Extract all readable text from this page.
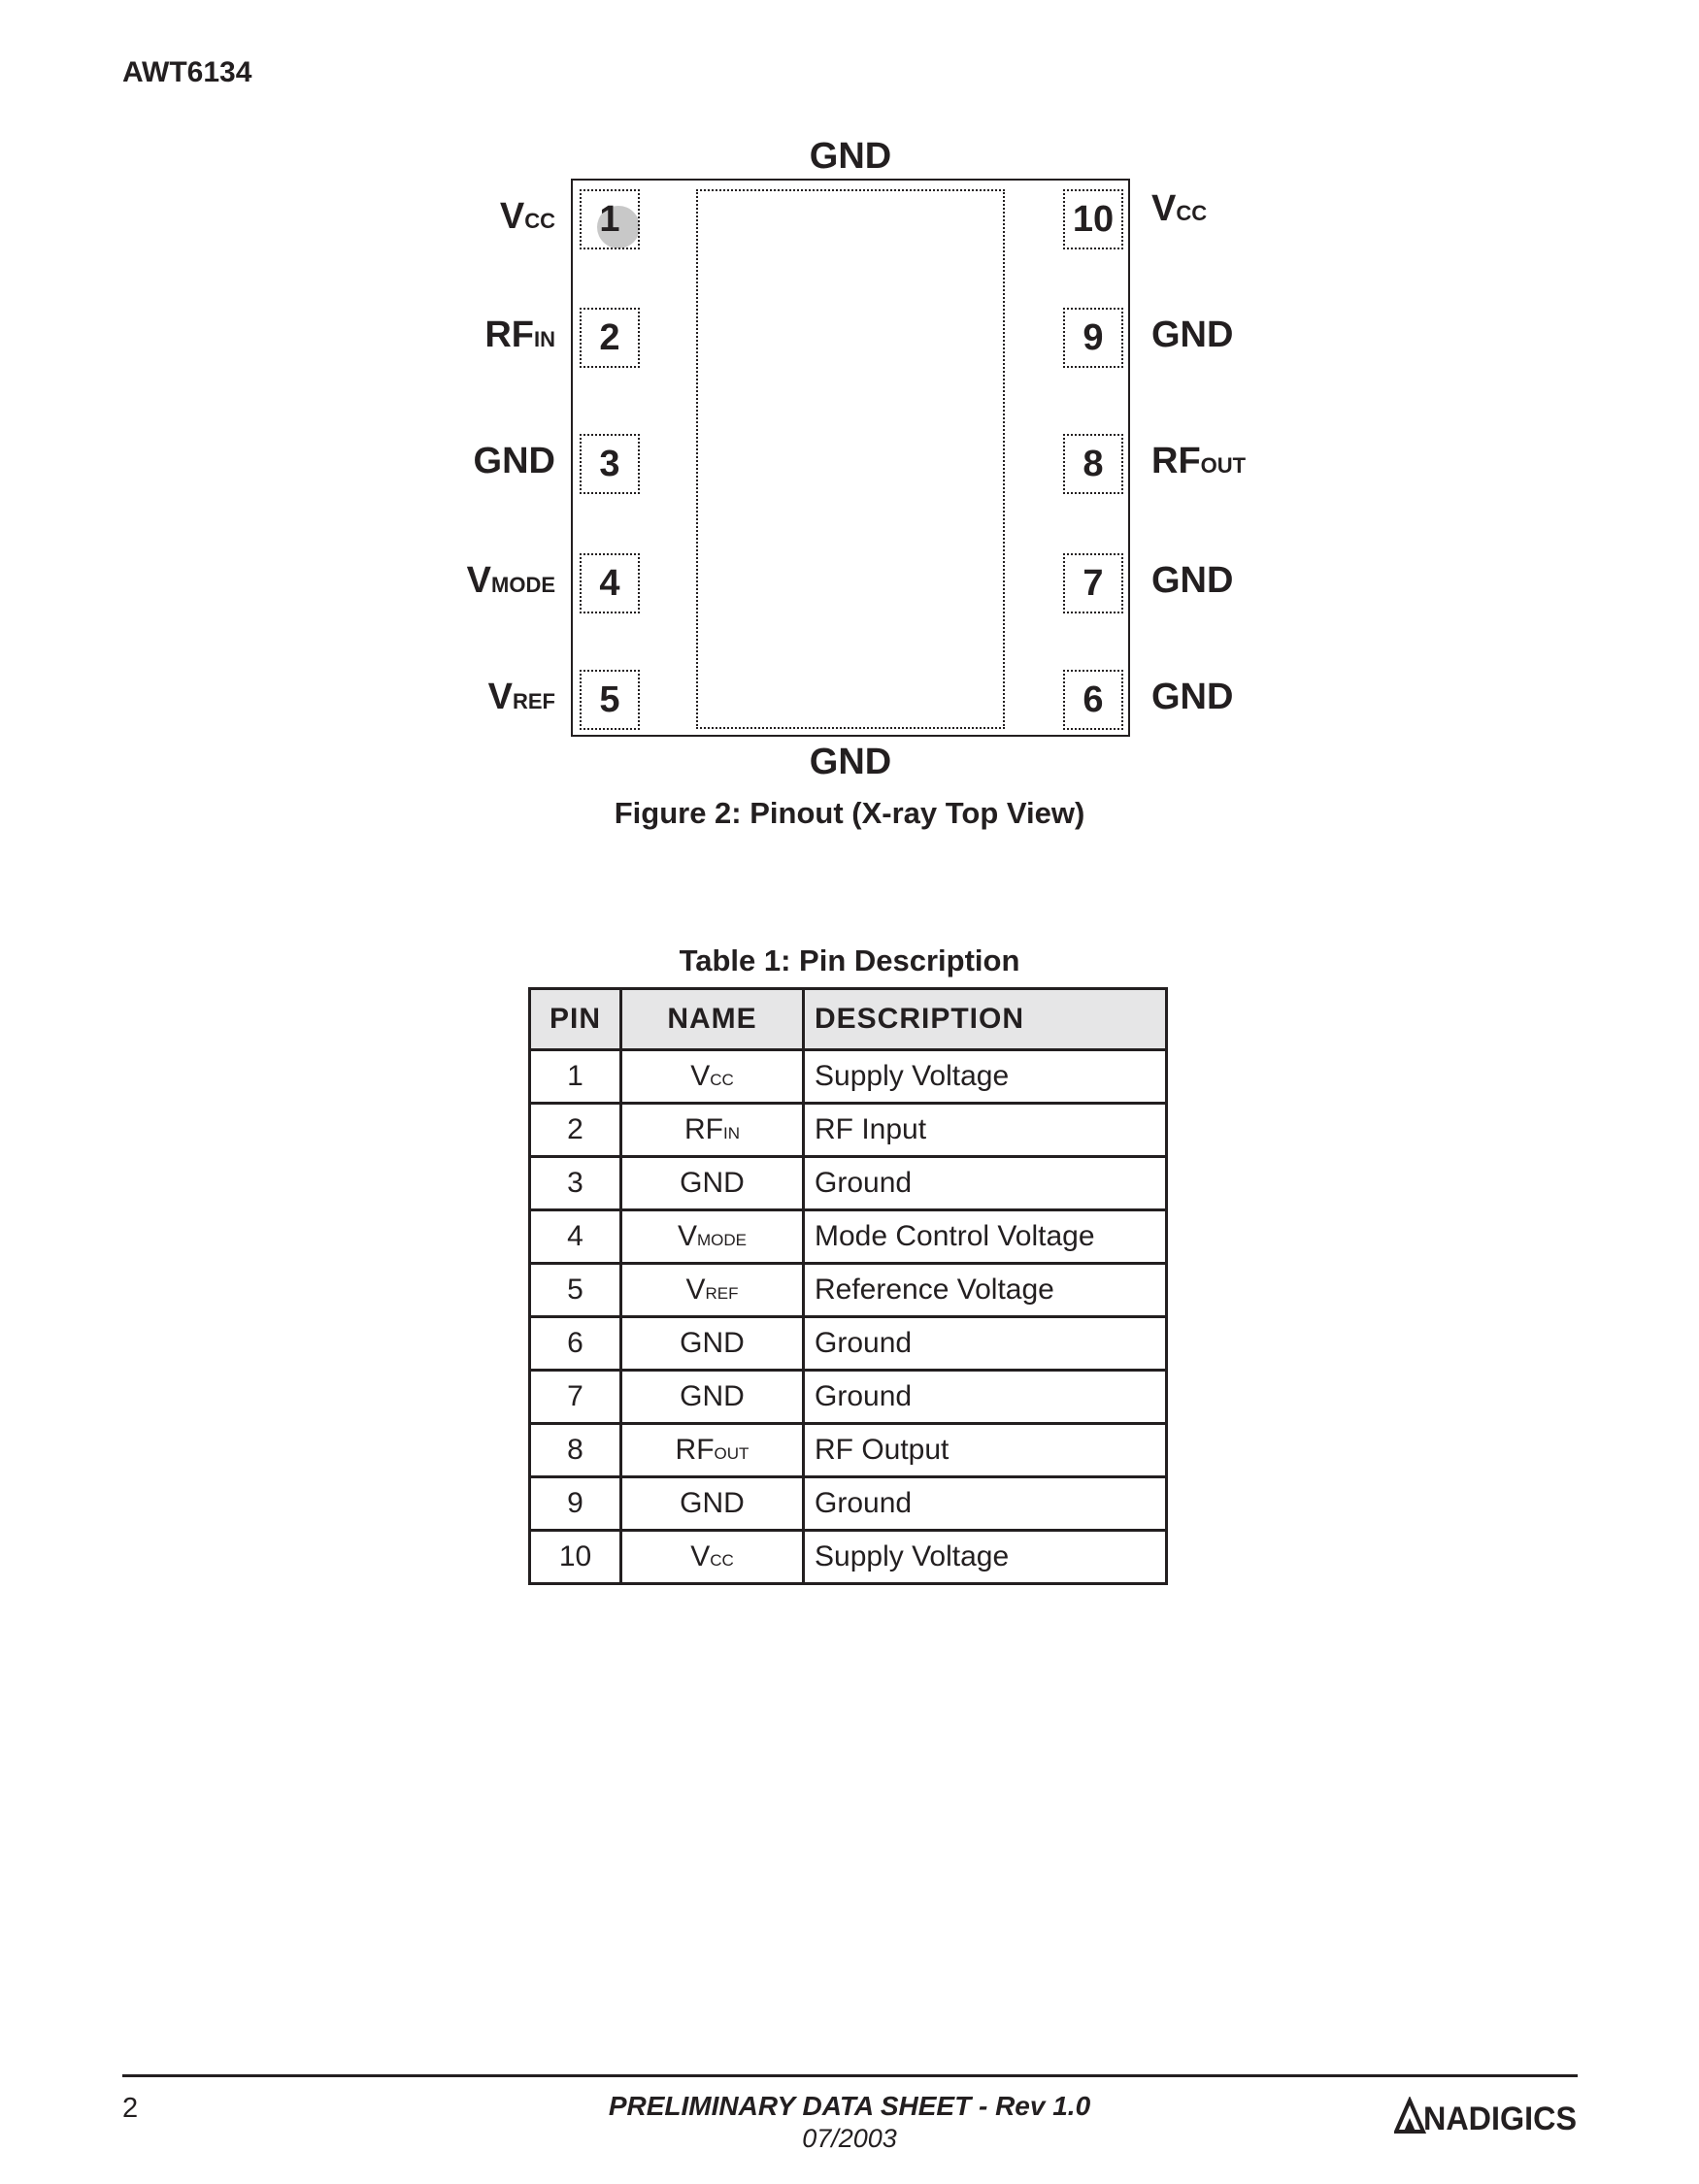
AWT6134
GND
1
2
3
4
5
10
9
8
7
6
VCC
RFIN
GND
VMODE
VREF
VCC
GND
RFOUT
GND
GND
GND
Figure 2: Pinout (X-ray Top View)
Table 1: Pin Description
PIN	NAME	DESCRIPTION
1	VCC	Supply Voltage
2	RFIN	RF Input
3	GND	Ground
4	VMODE	Mode Control Voltage
5	VREF	Reference Voltage
6	GND	Ground
7	GND	Ground
8	RFOUT	RF Output
9	GND	Ground
10	VCC	Supply Voltage
2	PRELIMINARY DATA SHEET - Rev 1.0
07/2003
NADIGICS
